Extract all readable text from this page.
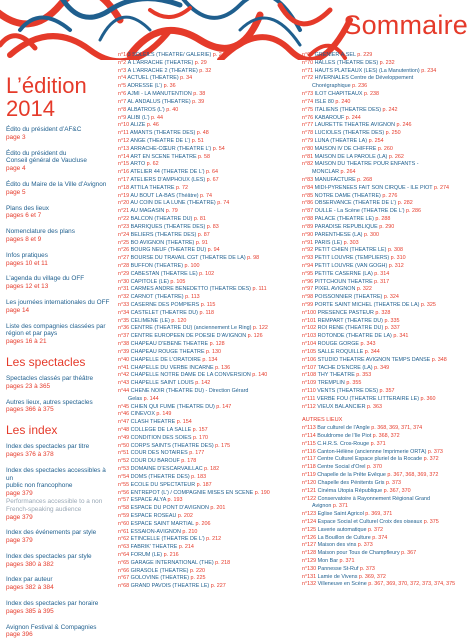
Sommaire
L’édition
2014
Édito du président d’AF&C
page 3
Édito du président du
Conseil général de Vaucluse
page 4
Édito du Maire de la Ville d’Avignon
page 5
Plans des lieux
pages 6 et 7
Nomenclature des plans
pages 8 et 9
Infos pratiques
pages 10 et 11
L’agenda du village du OFF
pages 12 et 13
Les journées internationales du OFF
page 14
Liste des compagnies classées par
région et par pays
pages 16 à 21
Les spectacles
Spectacles classés par théâtre
pages 23 à 365
Autres lieux, autres spectacles
pages 366 à 375
Les index
Index des spectacles par titre
pages 376 à 378
Index des spectacles accessibles à un
public non francophone
page 379
Performances accessible to a non
French-speaking audience
page 379
Index des événements par style
page 379
Index des spectacles par style
pages 380 à 382
Index par auteur
pages 382 à 384
Index des spectacles par horaire
pages 385 à 395
Avignon Festival & Compagnies
page 396
n°1 3 SOLEILS (THÉÂTRE/ GALERIE) p. 24
n°2 À L’ARRACHE (THÉÂTRE) p. 29
n°3 À L’ARRACHE 2 (THÉÂTRE) p. 32
n°4 ACTUEL (THÉÂTRE) p. 34
n°5 ADRESSE (L’) p. 36
n°6 AJMI - LA MANUTENTION p. 38
n°7 AL ANDALUS (THÉÂTRE) p. 39
n°8 ALBATROS (L’) p. 40
n°9 ALIBI (L’) p. 44
n°10 ALIZÉ p. 46
n°11 AMANTS (THÉÂTRE DES) p. 48
n°12 ANGE (THÉÂTRE DE L’) p. 51
n°13 ARRACHE-CŒUR (THÉÂTRE L’) p. 54
n°14 ART EN SCÈNE THÉÂTRE p. 58
n°15 ARTO p. 62
n°16 ATELIER 44 (THÉÂTRE DE L’) p. 64
n°17 ATELIERS D’AMPHOUX (LES) p. 67
n°18 ATTILA THÉÂTRE p. 72
n°19 AU BOUT LÀ-BAS (Théâtre) p. 74
n°20 AU COIN DE LA LUNE (THÉÂTRE) p. 74
n°21 AU MAGASIN p. 79
n°22 BALCON (THÉÂTRE DU) p. 81
n°23 BARRIQUES (THÉÂTRE DES) p. 83
n°24 BÉLIERS (THÉÂTRE DES) p. 87
n°25 BO AVIGNON (THÉÂTRE) p. 91
n°26 BOURG NEUF (THÉÂTRE DU) p. 94
n°27 BOURSE DU TRAVAIL CGT (THÉÂTRE DE LA) p. 98
n°28 BUFFON (THÉÂTRE) p. 100
n°29 CABESTAN (THÉÂTRE LE) p. 102
n°30 CAPITOLE (LE) p. 105
n°31 CARMES ANDRÉ BENEDETTO (THÉÂTRE DES) p. 111
n°32 CARNOT (THÉÂTRE) p. 113
n°33 CASERNE DES POMPIERS p. 115
n°34 CASTELET (THÉÂTRE DU) p. 118
n°35 CÉLIMÈNE (LE) p. 120
n°36 CENTRE (THÉÂTRE DU) (anciennement Le Ring) p. 122
n°37 CENTRE EUROPÉEN DE POÉSIE D’AVIGNON p. 126
n°38 CHAPEAU D’ÉBÈNE THÉÂTRE p. 128
n°39 CHAPEAU ROUGE THÉÂTRE p. 130
n°40 CHAPELLE DE L’ORATOIRE p. 134
n°41 CHAPELLE DU VERBE INCARNÉ p. 136
n°42 CHAPELLE NOTRE DAME DE LA CONVERSION p. 140
n°43 CHAPELLE SAINT LOUIS p. 142
n°44 CHÊNE NOIR (THÉÂTRE DU) - Direction Gérard
Gelas p. 144
n°45 CHIEN QUI FUME (THÉÂTRE DU) p. 147
n°46 CINÉVOX p. 149
n°47 CLASH THÉÂTRE p. 154
n°48 COLLÈGE DE LA SALLE p. 157
n°49 CONDITION DES SOIES p. 170
n°50 CORPS SAINTS (THÉÂTRE DES) p. 175
n°51 COUR DES NOTAIRES p. 177
n°52 COUR DU BAROUF p. 178
n°53 DOMAINE D’ESCARVAILLAC p. 182
n°54 DOMS (THÉÂTRE DES) p. 183
n°55 ÉCOLE DU SPECTATEUR p. 187
n°56 ENTREPÔT (L’) / COMPAGNIE MISES EN SCÈNE p. 190
n°57 ESPACE ALYA p. 193
n°58 ESPACE DU PONT D’AVIGNON p. 201
n°59 ESPACE ROSEAU p. 202
n°60 ESPACE SAINT MARTIAL p. 206
n°61 ESSAÏON-AVIGNON p. 210
n°62 ÉTINCELLE (THÉÂTRE DE L’) p. 212
n°63 FABRIK’ THÉÂTRE p. 214
n°64 FORUM (LE) p. 216
n°65 GARAGE INTERNATIONAL (THE) p. 218
n°66 GIRASOLE (THÉÂTRE) p. 220
n°67 GOLOVINE (THÉÂTRE) p. 225
n°68 GRAND PAVOIS (THÉÂTRE LE) p. 227
n°69 GRENIER À SEL p. 229
n°70 HALLES (THÉÂTRE DES) p. 232
n°71 HAUTS PLATEAUX (LES) (La Manutention) p. 234
n°72 HIVERNALES Centre de Développement
Chorégraphique p. 236
n°73 ÎLOT CHAPITEAUX p. 238
n°74 ISLE 80 p. 240
n°75 ITALIENS (THÉÂTRE DES) p. 242
n°76 KABAROUF p. 244
n°77 LAURETTE THÉÂTRE AVIGNON p. 246
n°78 LUCIOLES (THÉÂTRE DES) p. 250
n°79 LUNA (THÉÂTRE LA) p. 254
n°80 MAISON IV DE CHIFFRE p. 260
n°81 MAISON DE LA PAROLE (LA) p. 262
n°82 MAISON DU THÉÂTRE POUR ENFANTS -
MONCLAR p. 264
n°83 MANUFACTURE p. 268
n°84 MIDI-PYRÉNÉES FAIT SON CIRQUE - ÎLE PIOT p. 274
n°85 NOTRE DAME (THÉÂTRE) p. 276
n°86 OBSERVANCE (THÉÂTRE DE L’) p. 282
n°87 OULLE - La Scène (THÉÂTRE DE L’) p. 286
n°88 PALACE (THÉÂTRE LE) p. 288
n°89 PARADISE RÉPUBLIQUE p. 290
n°90 PARENTHÈSE (LA) p. 300
n°91 PARIS (LE) p. 303
n°92 PETIT CHIEN (THÉÂTRE LE) p. 308
n°93 PETIT LOUVRE (TEMPLIERS) p. 310
n°94 PETIT LOUVRE (VAN GOGH) p. 312
n°95 PETITE CASERNE (LA) p. 314
n°96 PITTCHOUN THÉÂTRE p. 317
n°97 PIXEL AVIGNON p. 322
n°98 POISSONNIER (THÉÂTRE) p. 324
n°99 PORTE SAINT MICHEL (THÉÂTRE DE LA) p. 325
n°100 PRÉSENCE PASTEUR p. 328
n°101 REMPART (THÉÂTRE DU) p. 335
n°102 ROI RENÉ (THÉÂTRE DU) p. 337
n°103 ROTONDE (THÉÂTRE DE LA) p. 341
n°104 ROUGE GORGE p. 343
n°105 SALLE ROQUILLE p. 344
n°106 STUDIO THÉÂTRE AVIGNON TEMPS DANSE p. 348
n°107 TACHE D’ENCRE (LA) p. 349
n°108 THY THÉÂTRE p. 353
n°109 TREMPLIN p. 355
n°110 VENTS (THÉÂTRE DES) p. 357
n°111 VERBE FOU (THÉÂTRE LITTÉRAIRE LE) p. 360
n°112 VIEUX BALANCIER p. 363
AUTRES LIEUX
n°113 Bar culturel de l’Angle p. 368, 369, 371, 374
n°114 Bouldrome de l’Île Piot p. 368, 372
n°115 C.H.R.S. Cros-Rouge p. 371
n°116 Canton-Hélène (anciennne Imprimerie ORTA) p. 373
n°117 Centre Culturel Espace pluriel de la Rocade p. 372
n°118 Centre Social d’Orel p. 370
n°119 Chapelle de la Prête Évêque p. 367, 368, 369, 372
n°120 Chapelle des Pénitents Gris p. 373
n°121 Cinéma Utopia République p. 367, 370
n°122 Conservatoire à Rayonnement Régional Grand
Avignon p. 371
n°123 Église Saint Agricol p. 369, 371
n°124 Espace Social et Culturel Croix des oiseaux p. 375
n°125 Laverie automatique p. 372
n°126 La Bouillon de Culture p. 374
n°127 Maison des vins p. 373
n°128 Maison pour Tous de Champfleury p. 367
n°129 Mon Bar p. 371
n°130 Pannesse St-Ruf p. 373
n°131 Lamie de Vivens p. 369, 372
n°132 Villeneuve en Scène p. 367, 369, 370, 372, 373, 374, 375
